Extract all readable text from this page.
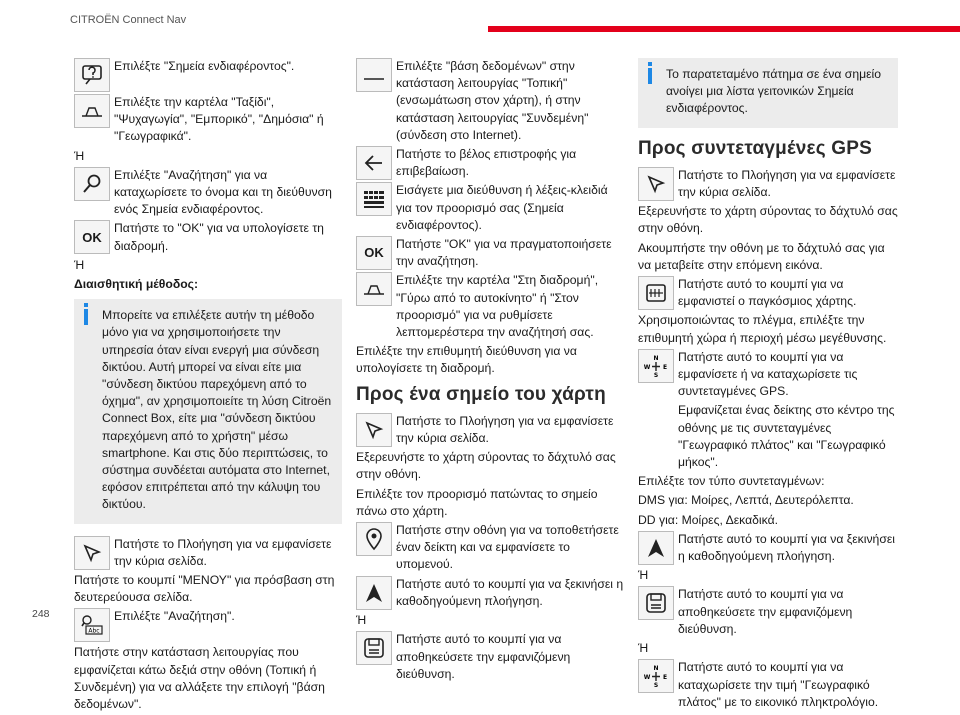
CITROËN Connect Nav
248
Επιλέξτε "Σημεία ενδιαφέροντος".
Επιλέξτε την καρτέλα "Ταξίδι", "Ψυχαγωγία", "Εμπορικό", "Δημόσια" ή "Γεωγραφικά".
Ή
Επιλέξτε "Αναζήτηση" για να καταχωρίσετε το όνομα και τη διεύθυνση ενός Σημεία ενδιαφέροντος.
OK
Πατήστε το "OK" για να υπολογίσετε τη διαδρομή.
Ή
Διαισθητική μέθοδος:
Μπορείτε να επιλέξετε αυτήν τη μέθοδο μόνο για να χρησιμοποιήσετε την υπηρεσία όταν είναι ενεργή μια σύνδεση δικτύου. Αυτή μπορεί να είναι είτε μια "σύνδεση δικτύου παρεχόμενη από το όχημα", αν χρησιμοποιείτε τη λύση Citroën Connect Box, είτε μια "σύνδεση δικτύου παρεχόμενη από το χρήστη" μέσω smartphone. Και στις δύο περιπτώσεις, το σύστημα συνδέεται αυτόματα στο Internet, εφόσον επιτρέπεται από την κάλυψη του δικτύου.
Πατήστε το Πλοήγηση για να εμφανίσετε την κύρια σελίδα.
Πατήστε το κουμπί "ΜΕΝΟΥ" για πρόσβαση στη δευτερεύουσα σελίδα.
Abc
Επιλέξτε "Αναζήτηση".
Πατήστε στην κατάσταση λειτουργίας που εμφανίζεται κάτω δεξιά στην οθόνη (Τοπική ή Συνδεμένη) για να αλλάξετε την επιλογή "βάση δεδομένων".
Επιλέξτε "βάση δεδομένων" στην κατάσταση λειτουργίας "Τοπική" (ενσωμάτωση στον χάρτη), ή στην κατάσταση λειτουργίας "Συνδεμένη" (σύνδεση στο Internet).
Πατήστε το βέλος επιστροφής για επιβεβαίωση.
Εισάγετε μια διεύθυνση ή λέξεις-κλειδιά για τον προορισμό σας (Σημεία ενδιαφέροντος).
OK
Πατήστε "OK" για να πραγματοποιήσετε την αναζήτηση.
Επιλέξτε την καρτέλα "Στη διαδρομή", "Γύρω από το αυτοκίνητο" ή "Στον προορισμό" για να ρυθμίσετε λεπτομερέστερα την αναζήτησή σας.
Επιλέξτε την επιθυμητή διεύθυνση για να υπολογίσετε τη διαδρομή.
Προς ένα σημείο του χάρτη
Πατήστε το Πλοήγηση για να εμφανίσετε την κύρια σελίδα.
Εξερευνήστε το χάρτη σύροντας το δάχτυλό σας στην οθόνη.
Επιλέξτε τον προορισμό πατώντας το σημείο πάνω στο χάρτη.
Πατήστε στην οθόνη για να τοποθετήσετε έναν δείκτη και να εμφανίσετε το υπομενού.
Πατήστε αυτό το κουμπί για να ξεκινήσει η καθοδηγούμενη πλοήγηση.
Ή
Πατήστε αυτό το κουμπί για να αποθηκεύσετε την εμφανιζόμενη διεύθυνση.
Το παρατεταμένο πάτημα σε ένα σημείο ανοίγει μια λίστα γειτονικών Σημεία ενδιαφέροντος.
Προς συντεταγμένες GPS
Πατήστε το Πλοήγηση για να εμφανίσετε την κύρια σελίδα.
Εξερευνήστε το χάρτη σύροντας το δάχτυλό σας στην οθόνη.
Ακουμπήστε την οθόνη με το δάχτυλό σας για να μεταβείτε στην επόμενη εικόνα.
Πατήστε αυτό το κουμπί για να εμφανιστεί ο παγκόσμιος χάρτης.
Χρησιμοποιώντας το πλέγμα, επιλέξτε την επιθυμητή χώρα ή περιοχή μέσω μεγέθυνσης.
N
S
W E
Πατήστε αυτό το κουμπί για να εμφανίσετε ή να καταχωρίσετε τις συντεταγμένες GPS.
Εμφανίζεται ένας δείκτης στο κέντρο της οθόνης με τις συντεταγμένες "Γεωγραφικό πλάτος" και "Γεωγραφικό μήκος".
Επιλέξτε τον τύπο συντεταγμένων:
DMS για: Μοίρες, Λεπτά, Δευτερόλεπτα.
DD για: Μοίρες, Δεκαδικά.
Πατήστε αυτό το κουμπί για να ξεκινήσει η καθοδηγούμενη πλοήγηση.
Ή
Πατήστε αυτό το κουμπί για να αποθηκεύσετε την εμφανιζόμενη διεύθυνση.
Ή
N
S
W E
Πατήστε αυτό το κουμπί για να καταχωρίσετε την τιμή "Γεωγραφικό πλάτος" με το εικονικό πληκτρολόγιο.
